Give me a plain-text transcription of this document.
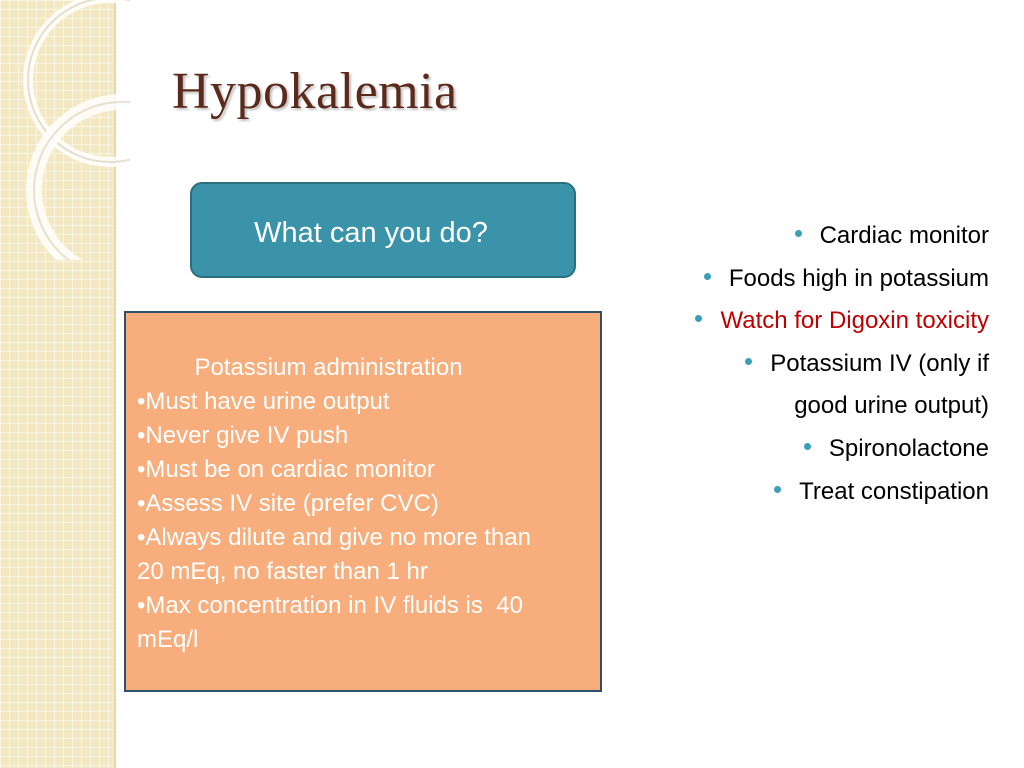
Hypokalemia
What can you do?
Potassium administration
•Must have urine output
•Never give IV push
•Must be on cardiac monitor
•Assess IV site (prefer CVC)
•Always dilute and give no more than
20 mEq, no faster than 1 hr
•Max concentration in IV fluids is  40
mEq/l
Cardiac monitor
Foods high in potassium
Watch for Digoxin toxicity
Potassium IV (only if
good urine output)
Spironolactone
Treat constipation
